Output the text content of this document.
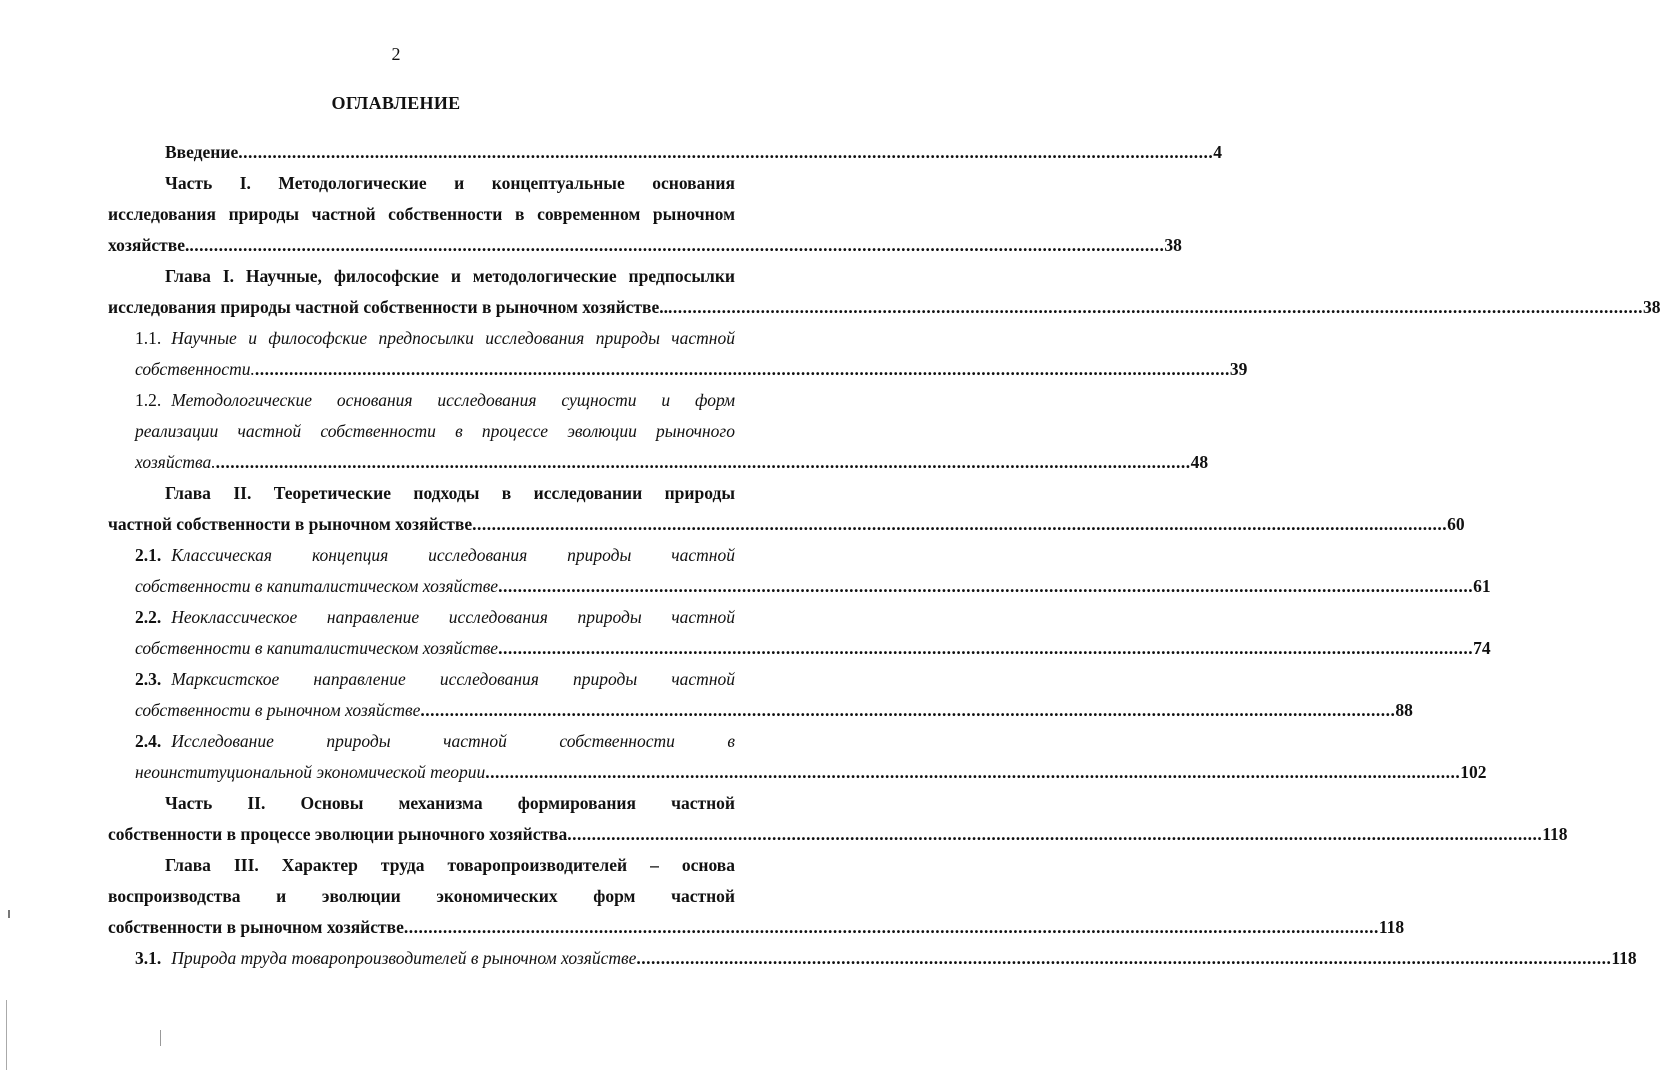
2
ОГЛАВЛЕНИЕ
Введение ........................................................................................................................................................................................................ 4
Часть I. Методологические и концептуальные основания
исследования природы частной собственности в современном рыночном
хозяйстве. ........................................................................................................................................................................................................ 38
Глава I. Научные, философские и методологические предпосылки
исследования природы частной собственности в рыночном хозяйстве.. ........................................................................................................................................................................................................ 38
1.1. Научные и философские предпосылки исследования природы частной
собственности. ........................................................................................................................................................................................................ 39
1.2. Методологические основания исследования сущности и форм
реализации частной собственности в процессе эволюции рыночного
хозяйства. ........................................................................................................................................................................................................ 48
Глава II. Теоретические подходы в исследовании природы
частной собственности в рыночном хозяйстве ........................................................................................................................................................................................................ 60
2.1. Классическая концепция исследования природы частной
собственности в капиталистическом хозяйстве ........................................................................................................................................................................................................ 61
2.2. Неоклассическое направление исследования природы частной
собственности в капиталистическом хозяйстве ........................................................................................................................................................................................................ 74
2.3. Марксистское направление исследования природы частной
собственности в рыночном хозяйстве ........................................................................................................................................................................................................ 88
2.4. Исследование природы частной собственности в
неоинституциональной экономической теории ........................................................................................................................................................................................................ 102
Часть II. Основы механизма формирования частной
собственности в процессе эволюции рыночного хозяйства ........................................................................................................................................................................................................ 118
Глава III. Характер труда товаропроизводителей – основа
воспроизводства и эволюции экономических форм частной
собственности в рыночном хозяйстве ........................................................................................................................................................................................................ 118
3.1. Природа труда товаропроизводителей в рыночном хозяйстве ........................................................................................................................................................................................................ 118
